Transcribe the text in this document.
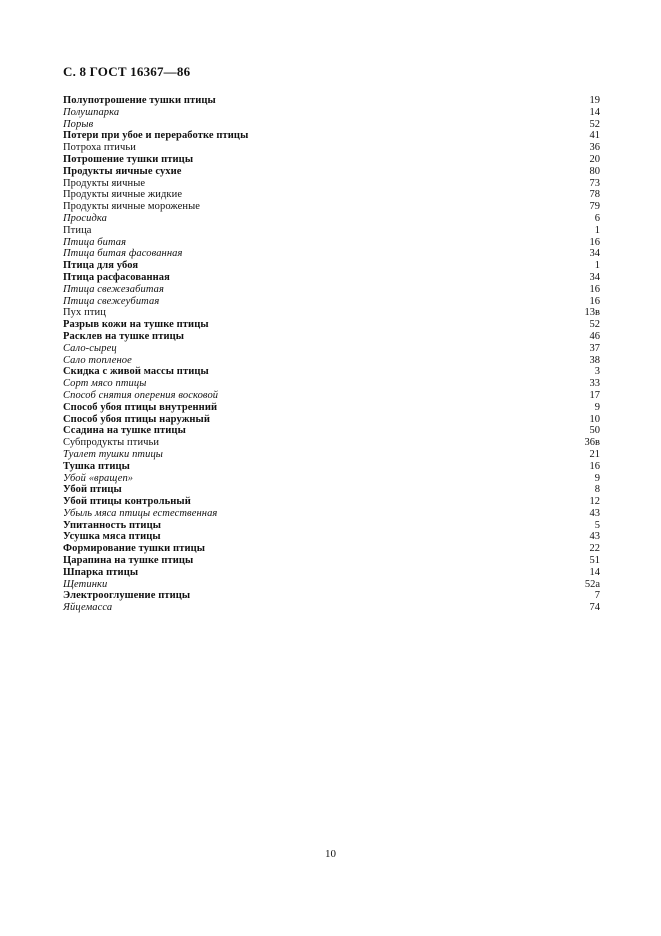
С. 8 ГОСТ 16367—86
Полупотрошение тушки птицы	19
Полушпарка	14
Порыв	52
Потери при убое и переработке птицы	41
Потроха птичьи	36
Потрошение тушки птицы	20
Продукты яичные сухие	80
Продукты яичные	73
Продукты яичные жидкие	78
Продукты яичные мороженые	79
Просидка	6
Птица	1
Птица битая	16
Птица битая фасованная	34
Птица для убоя	1
Птица расфасованная	34
Птица свежезабитая	16
Птица свежеубитая	16
Пух птиц	13в
Разрыв кожи на тушке птицы	52
Расклев на тушке птицы	46
Сало-сырец	37
Сало топленое	38
Скидка с живой массы птицы	3
Сорт мясо птицы	33
Способ снятия оперения восковой	17
Способ убоя птицы внутренний	9
Способ убоя птицы наружный	10
Ссадина на тушке птицы	50
Субпродукты птичьи	36в
Туалет тушки птицы	21
Тушка птицы	16
Убой «вращеп»	9
Убой птицы	8
Убой птицы контрольный	12
Убыль мяса птицы естественная	43
Упитанность птицы	5
Усушка мяса птицы	43
Формирование тушки птицы	22
Царапина на тушке птицы	51
Шпарка птицы	14
Щетинки	52а
Электрооглушение птицы	7
Яйцемасса	74
10
